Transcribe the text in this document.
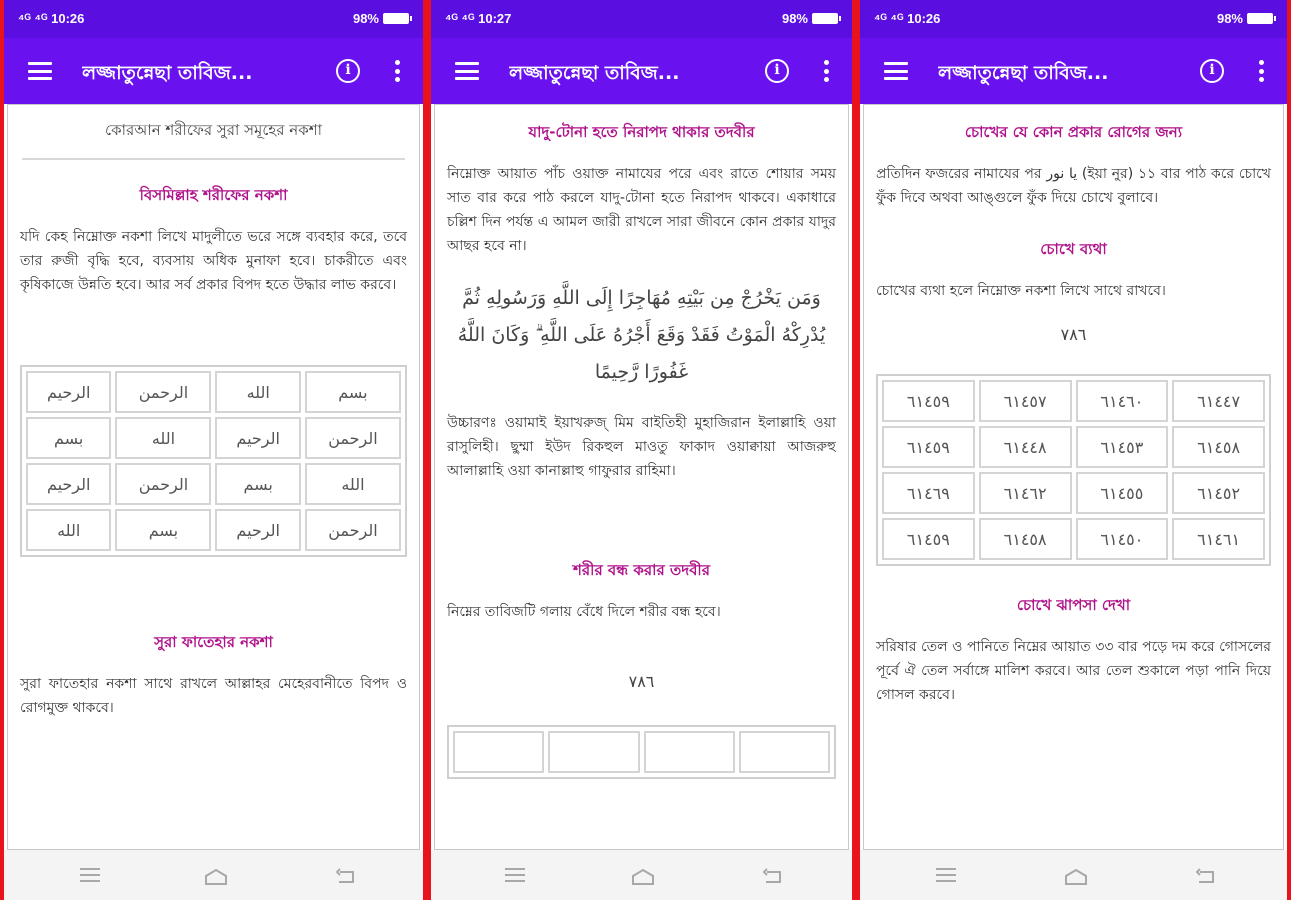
⁴ᴳ ⁴ᴳ 10:26	98%
লজ্জাতুন্নেছা তাবিজ...	i
কোরআন শরীফের সুরা সমূহের নকশা
বিসমিল্লাহ শরীফের নকশা
যদি কেহ নিম্নোক্ত নকশা লিখে মাদুলীতে ভরে সঙ্গে ব্যবহার করে, তবে তার রুজী বৃদ্ধি হবে, ব্যবসায় অধিক মুনাফা হবে। চাকরীতে এবং কৃষিকাজে উন্নতি হবে। আর সর্ব প্রকার বিপদ হতে উদ্ধার লাভ করবে।
الرحيم	الرحمن	الله	بسم
بسم	الله	الرحيم	الرحمن
الرحيم	الرحمن	بسم	الله
الله	بسم	الرحيم	الرحمن
সুরা ফাতেহার নকশা
সুরা ফাতেহার নকশা সাথে রাখলে আল্লাহর মেহেরবানীতে বিপদ ও রোগমুক্ত থাকবে।
⁴ᴳ ⁴ᴳ 10:27	98%
লজ্জাতুন্নেছা তাবিজ...	i
যাদু-টোনা হতে নিরাপদ থাকার তদবীর
নিম্নোক্ত আয়াত পাঁচ ওয়াক্ত নামাযের পরে এবং রাতে শোয়ার সময় সাত বার করে পাঠ করলে যাদু-টোনা হতে নিরাপদ থাকবে। একাধারে চল্লিশ দিন পর্যন্ত এ আমল জারী রাখলে সারা জীবনে কোন প্রকার যাদুর আছর হবে না।
وَمَن يَخْرُجْ مِن بَيْتِهِ مُهَاجِرًا إِلَى اللَّهِ وَرَسُولِهِ ثُمَّ يُدْرِكْهُ الْمَوْتُ فَقَدْ وَقَعَ أَجْرُهُ عَلَى اللَّهِ ۗ وَكَانَ اللَّهُ غَفُورًا رَّحِيمًا
উচ্চারণঃ ওয়ামাই ইয়াখরুজ্ মিম বাইতিহী মুহাজিরান ইলাল্লাহি ওয়া রাসুলিহী। ছুম্মা ইউদ রিকহুল মাওতু ফাকাদ ওয়াক্বায়া আজরুহু আলাল্লাহি ওয়া কানাল্লাহু গাফুরার রাহিমা।
শরীর বন্ধ করার তদবীর
নিম্নের তাবিজটি গলায় বেঁধে দিলে শরীর বন্ধ হবে।
٧٨٦

⁴ᴳ ⁴ᴳ 10:26	98%
লজ্জাতুন্নেছা তাবিজ...	i
চোখের যে কোন প্রকার রোগের জন্য
প্রতিদিন ফজরের নামাযের পর يا نور (ইয়া নুর) ১১ বার পাঠ করে চোখে ফুঁক দিবে অথবা আঙ্গুলে ফুঁক দিয়ে চোখে বুলাবে।
চোখে ব্যথা
চোখের ব্যথা হলে নিম্নোক্ত নকশা লিখে সাথে রাখবে।
٧٨٦
٦١٤٥٩	٦١٤٥٧	٦١٤٦٠	٦١٤٤٧
٦١٤٥٩	٦١٤٤٨	٦١٤٥٣	٦١٤٥٨
٦١٤٦٩	٦١٤٦٢	٦١٤٥٥	٦١٤٥٢
٦١٤٥٩	٦١٤٥٨	٦١٤٥٠	٦١٤٦١
চোখে ঝাপসা দেখা
সরিষার তেল ও পানিতে নিম্নের আয়াত ৩৩ বার পড়ে দম করে গোসলের পূর্বে ঐ তেল সর্বাঙ্গে মালিশ করবে। আর তেল শুকালে পড়া পানি দিয়ে গোসল করবে।
